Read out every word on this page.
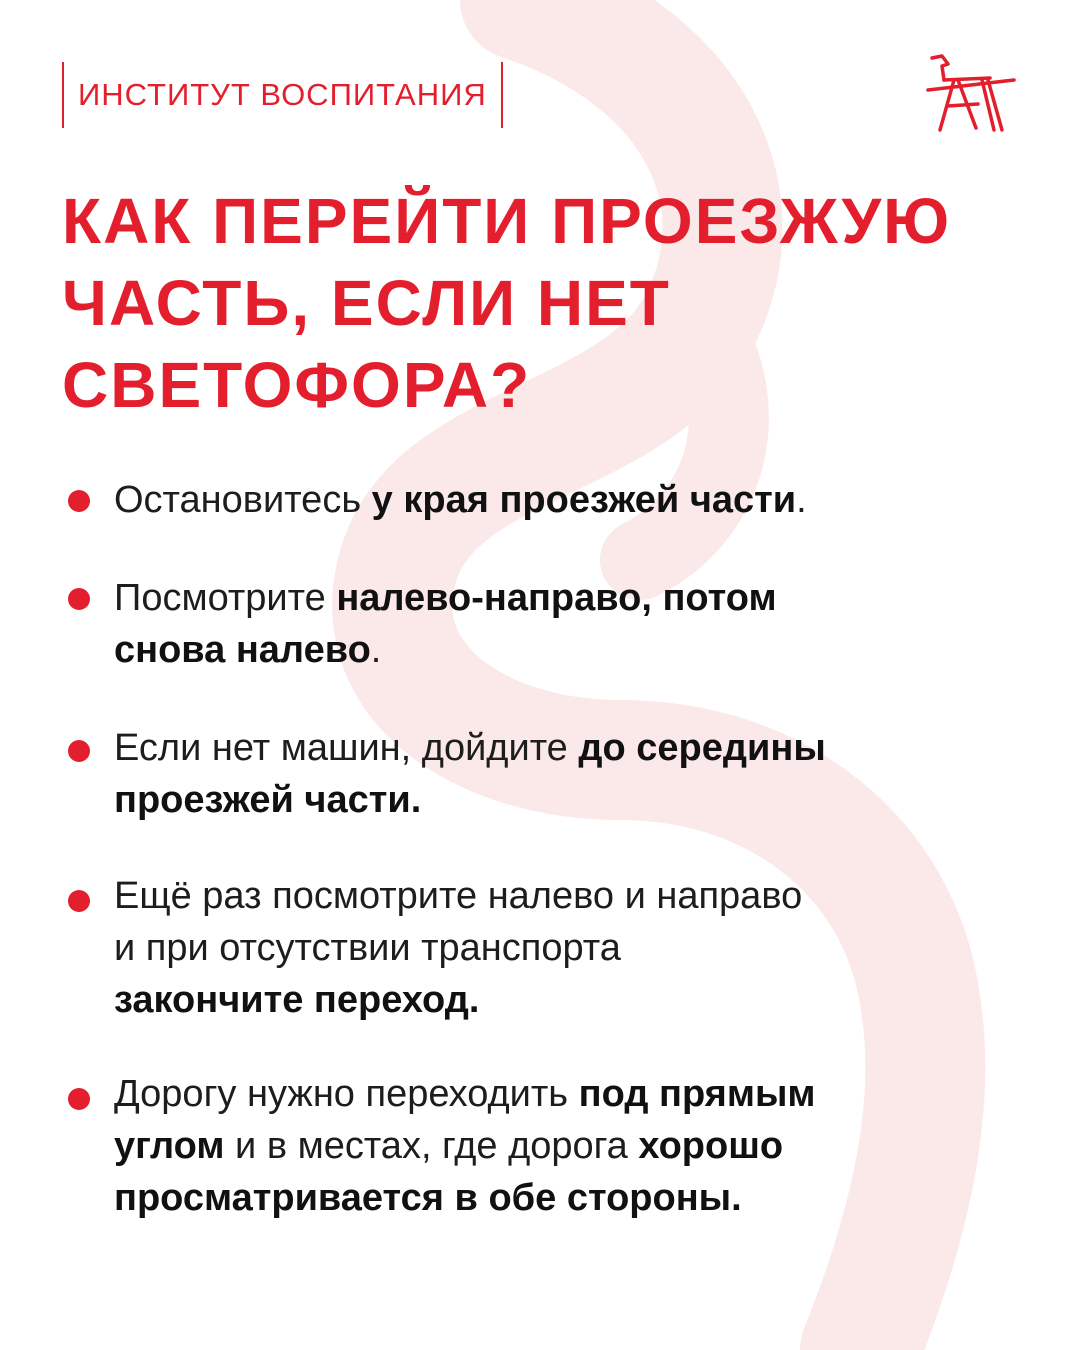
ИНСТИТУТ ВОСПИТАНИЯ
КАК ПЕРЕЙТИ ПРОЕЗЖУЮ
ЧАСТЬ, ЕСЛИ НЕТ
СВЕТОФОРА?
Остановитесь у края проезжей части.
Посмотрите налево-направо, потом
снова налево.
Если нет машин, дойдите до середины
проезжей части.
Ещё раз посмотрите налево и направо
и при отсутствии транспорта
закончите переход.
Дорогу нужно переходить под прямым
углом и в местах, где дорога хорошо
просматривается в обе стороны.
